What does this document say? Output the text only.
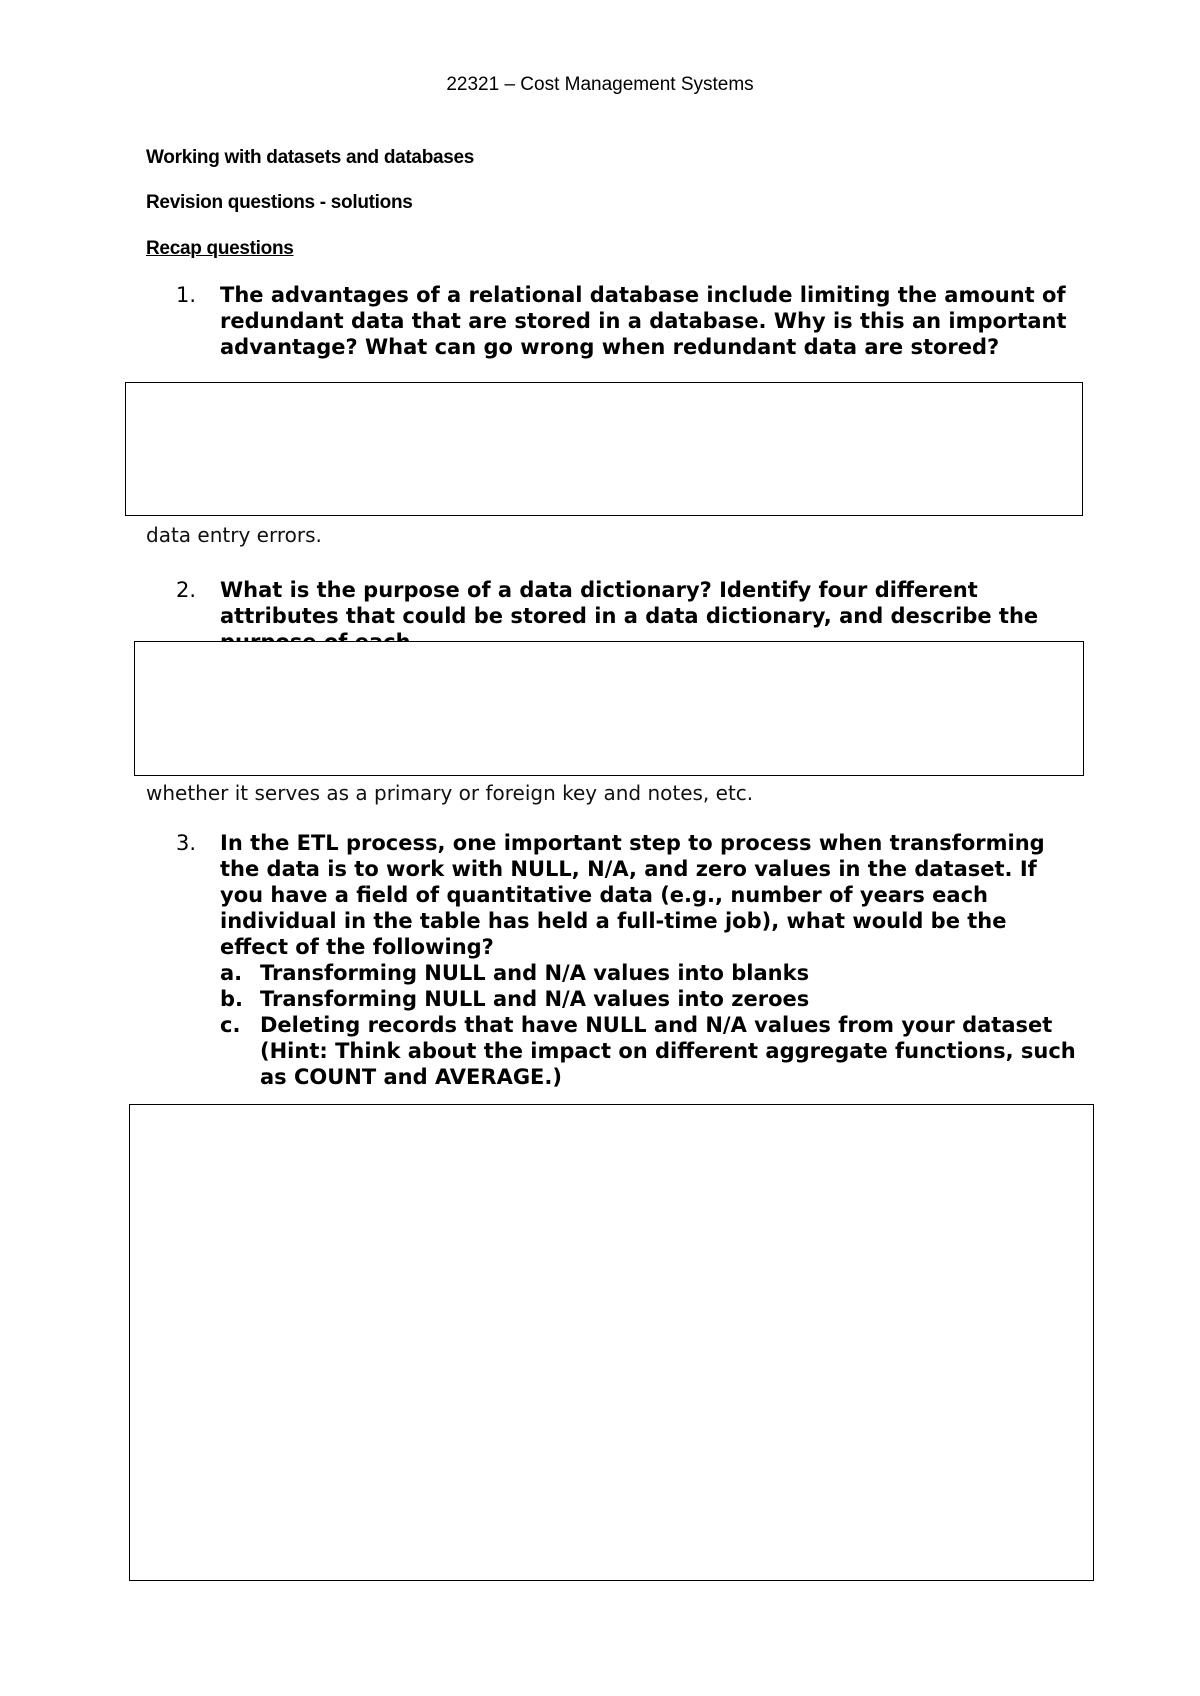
22321 – Cost Management Systems
Working with datasets and databases
Revision questions - solutions
Recap questions
1. The advantages of a relational database include limiting the amount of redundant data that are stored in a database. Why is this an important advantage? What can go wrong when redundant data are stored?
data entry errors.
2. What is the purpose of a data dictionary? Identify four different attributes that could be stored in a data dictionary, and describe the
whether it serves as a primary or foreign key and notes, etc.
3. In the ETL process, one important step to process when transforming the data is to work with NULL, N/A, and zero values in the dataset. If you have a field of quantitative data (e.g., number of years each individual in the table has held a full-time job), what would be the effect of the following?
a. Transforming NULL and N/A values into blanks
b. Transforming NULL and N/A values into zeroes
c. Deleting records that have NULL and N/A values from your dataset (Hint: Think about the impact on different aggregate functions, such as COUNT and AVERAGE.)
